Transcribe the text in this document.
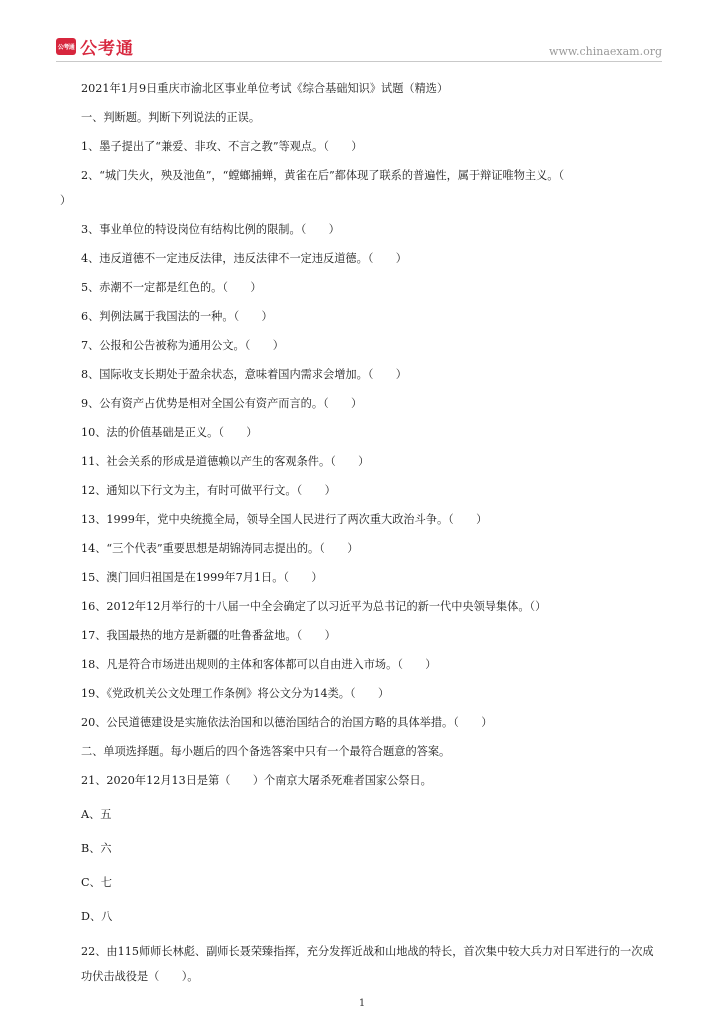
公考通 公考通	www.chinaexam.org
2021年1月9日重庆市渝北区事业单位考试《综合基础知识》试题（精选）
一、判断题。判断下列说法的正误。
1、墨子提出了“兼爱、非攻、不言之教”等观点。（　　）
2、“城门失火，殃及池鱼”，“螳螂捕蝉，黄雀在后”都体现了联系的普遍性，属于辩证唯物主义。（
）
3、事业单位的特设岗位有结构比例的限制。（　　）
4、违反道德不一定违反法律，违反法律不一定违反道德。（　　）
5、赤潮不一定都是红色的。（　　）
6、判例法属于我国法的一种。（　　）
7、公报和公告被称为通用公文。（　　）
8、国际收支长期处于盈余状态，意味着国内需求会增加。（　　）
9、公有资产占优势是相对全国公有资产而言的。（　　）
10、法的价值基础是正义。（　　）
11、社会关系的形成是道德赖以产生的客观条件。（　　）
12、通知以下行文为主，有时可做平行文。（　　）
13、1999年，党中央统揽全局，领导全国人民进行了两次重大政治斗争。（　　）
14、“三个代表”重要思想是胡锦涛同志提出的。（　　）
15、澳门回归祖国是在1999年7月1日。（　　）
16、2012年12月举行的十八届一中全会确定了以习近平为总书记的新一代中央领导集体。（）
17、我国最热的地方是新疆的吐鲁番盆地。（　　）
18、凡是符合市场进出规则的主体和客体都可以自由进入市场。（　　）
19、《党政机关公文处理工作条例》将公文分为14类。（　　）
20、公民道德建设是实施依法治国和以德治国结合的治国方略的具体举措。（　　）
二、单项选择题。每小题后的四个备选答案中只有一个最符合题意的答案。
21、2020年12月13日是第（　　）个南京大屠杀死难者国家公祭日。
A、五
B、六
C、七
D、八
22、由115师师长林彪、副师长聂荣臻指挥，充分发挥近战和山地战的特长，首次集中较大兵力对日军进行的一次成功伏击战役是（　　）。
1
